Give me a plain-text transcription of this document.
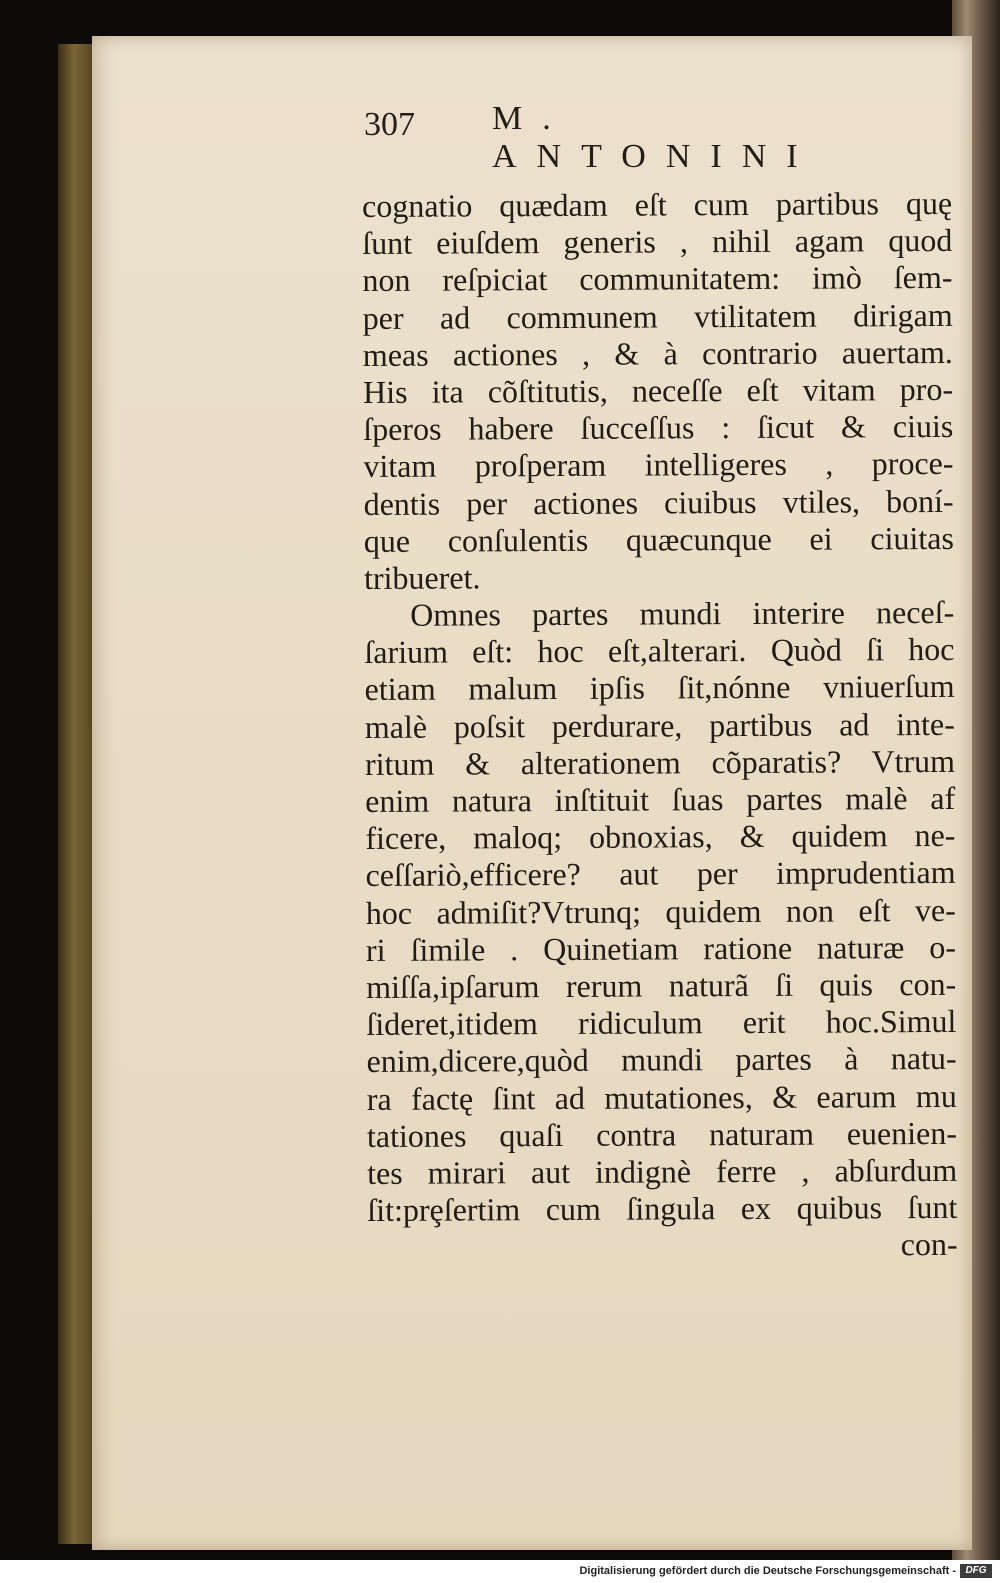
307 M. ANTONINI
cognatio quædam eſt cum partibus quę
ſunt eiuſdem generis , nihil agam quod
non reſpiciat communitatem: imò ſem-
per ad communem vtilitatem dirigam
meas actiones , & à contrario auertam.
His ita cõſtitutis, neceſſe eſt vitam pro-
ſperos habere ſucceſſus : ſicut & ciuis
vitam proſperam intelligeres , proce-
dentis per actiones ciuibus vtiles, boní-
que conſulentis quæcunque ei ciuitas
tribueret.
Omnes partes mundi interire neceſ-
ſarium eſt: hoc eſt,alterari. Quòd ſi hoc
etiam malum ipſis ſit,nónne vniuerſum
malè poſsit perdurare, partibus ad inte-
ritum & alterationem cõparatis? Vtrum
enim natura inſtituit ſuas partes malè af
ficere, maloq; obnoxias, & quidem ne-
ceſſariò,efficere? aut per imprudentiam
hoc admiſit?Vtrunq; quidem non eſt ve-
ri ſimile . Quinetiam ratione naturæ o-
miſſa,ipſarum rerum naturã ſi quis con-
ſideret,itidem ridiculum erit hoc.Simul
enim,dicere,quòd mundi partes à natu-
ra factę ſint ad mutationes, & earum mu
tationes quaſi contra naturam euenien-
tes mirari aut indignè ferre , abſurdum
ſit:prȩſertim cum ſingula ex quibus ſunt
con-
Digitalisierung gefördert durch die Deutsche Forschungsgemeinschaft - DFG
